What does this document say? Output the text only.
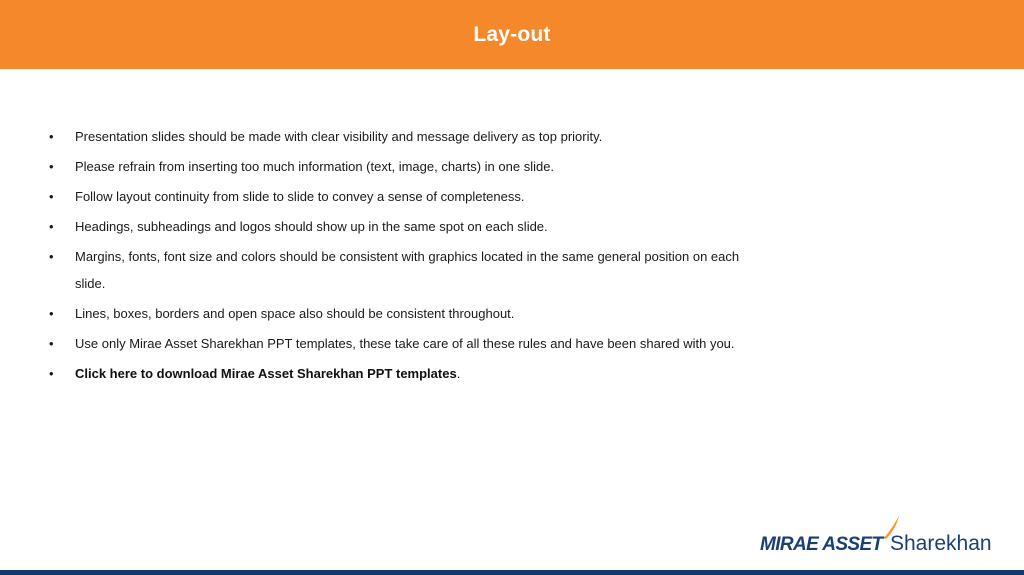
Lay-out
• Presentation slides should be made with clear visibility and message delivery as top priority.
• Please refrain from inserting too much information (text, image, charts) in one slide.
• Follow layout continuity from slide to slide to convey a sense of completeness.
• Headings, subheadings and logos should show up in the same spot on each slide.
• Margins, fonts, font size and colors should be consistent with graphics located in the same general position on each slide.
• Lines, boxes, borders and open space also should be consistent throughout.
• Use only Mirae Asset Sharekhan PPT templates, these take care of all these rules and have been shared with you.
• Click here to download Mirae Asset Sharekhan PPT templates.
MIRAE ASSET Sharekhan
